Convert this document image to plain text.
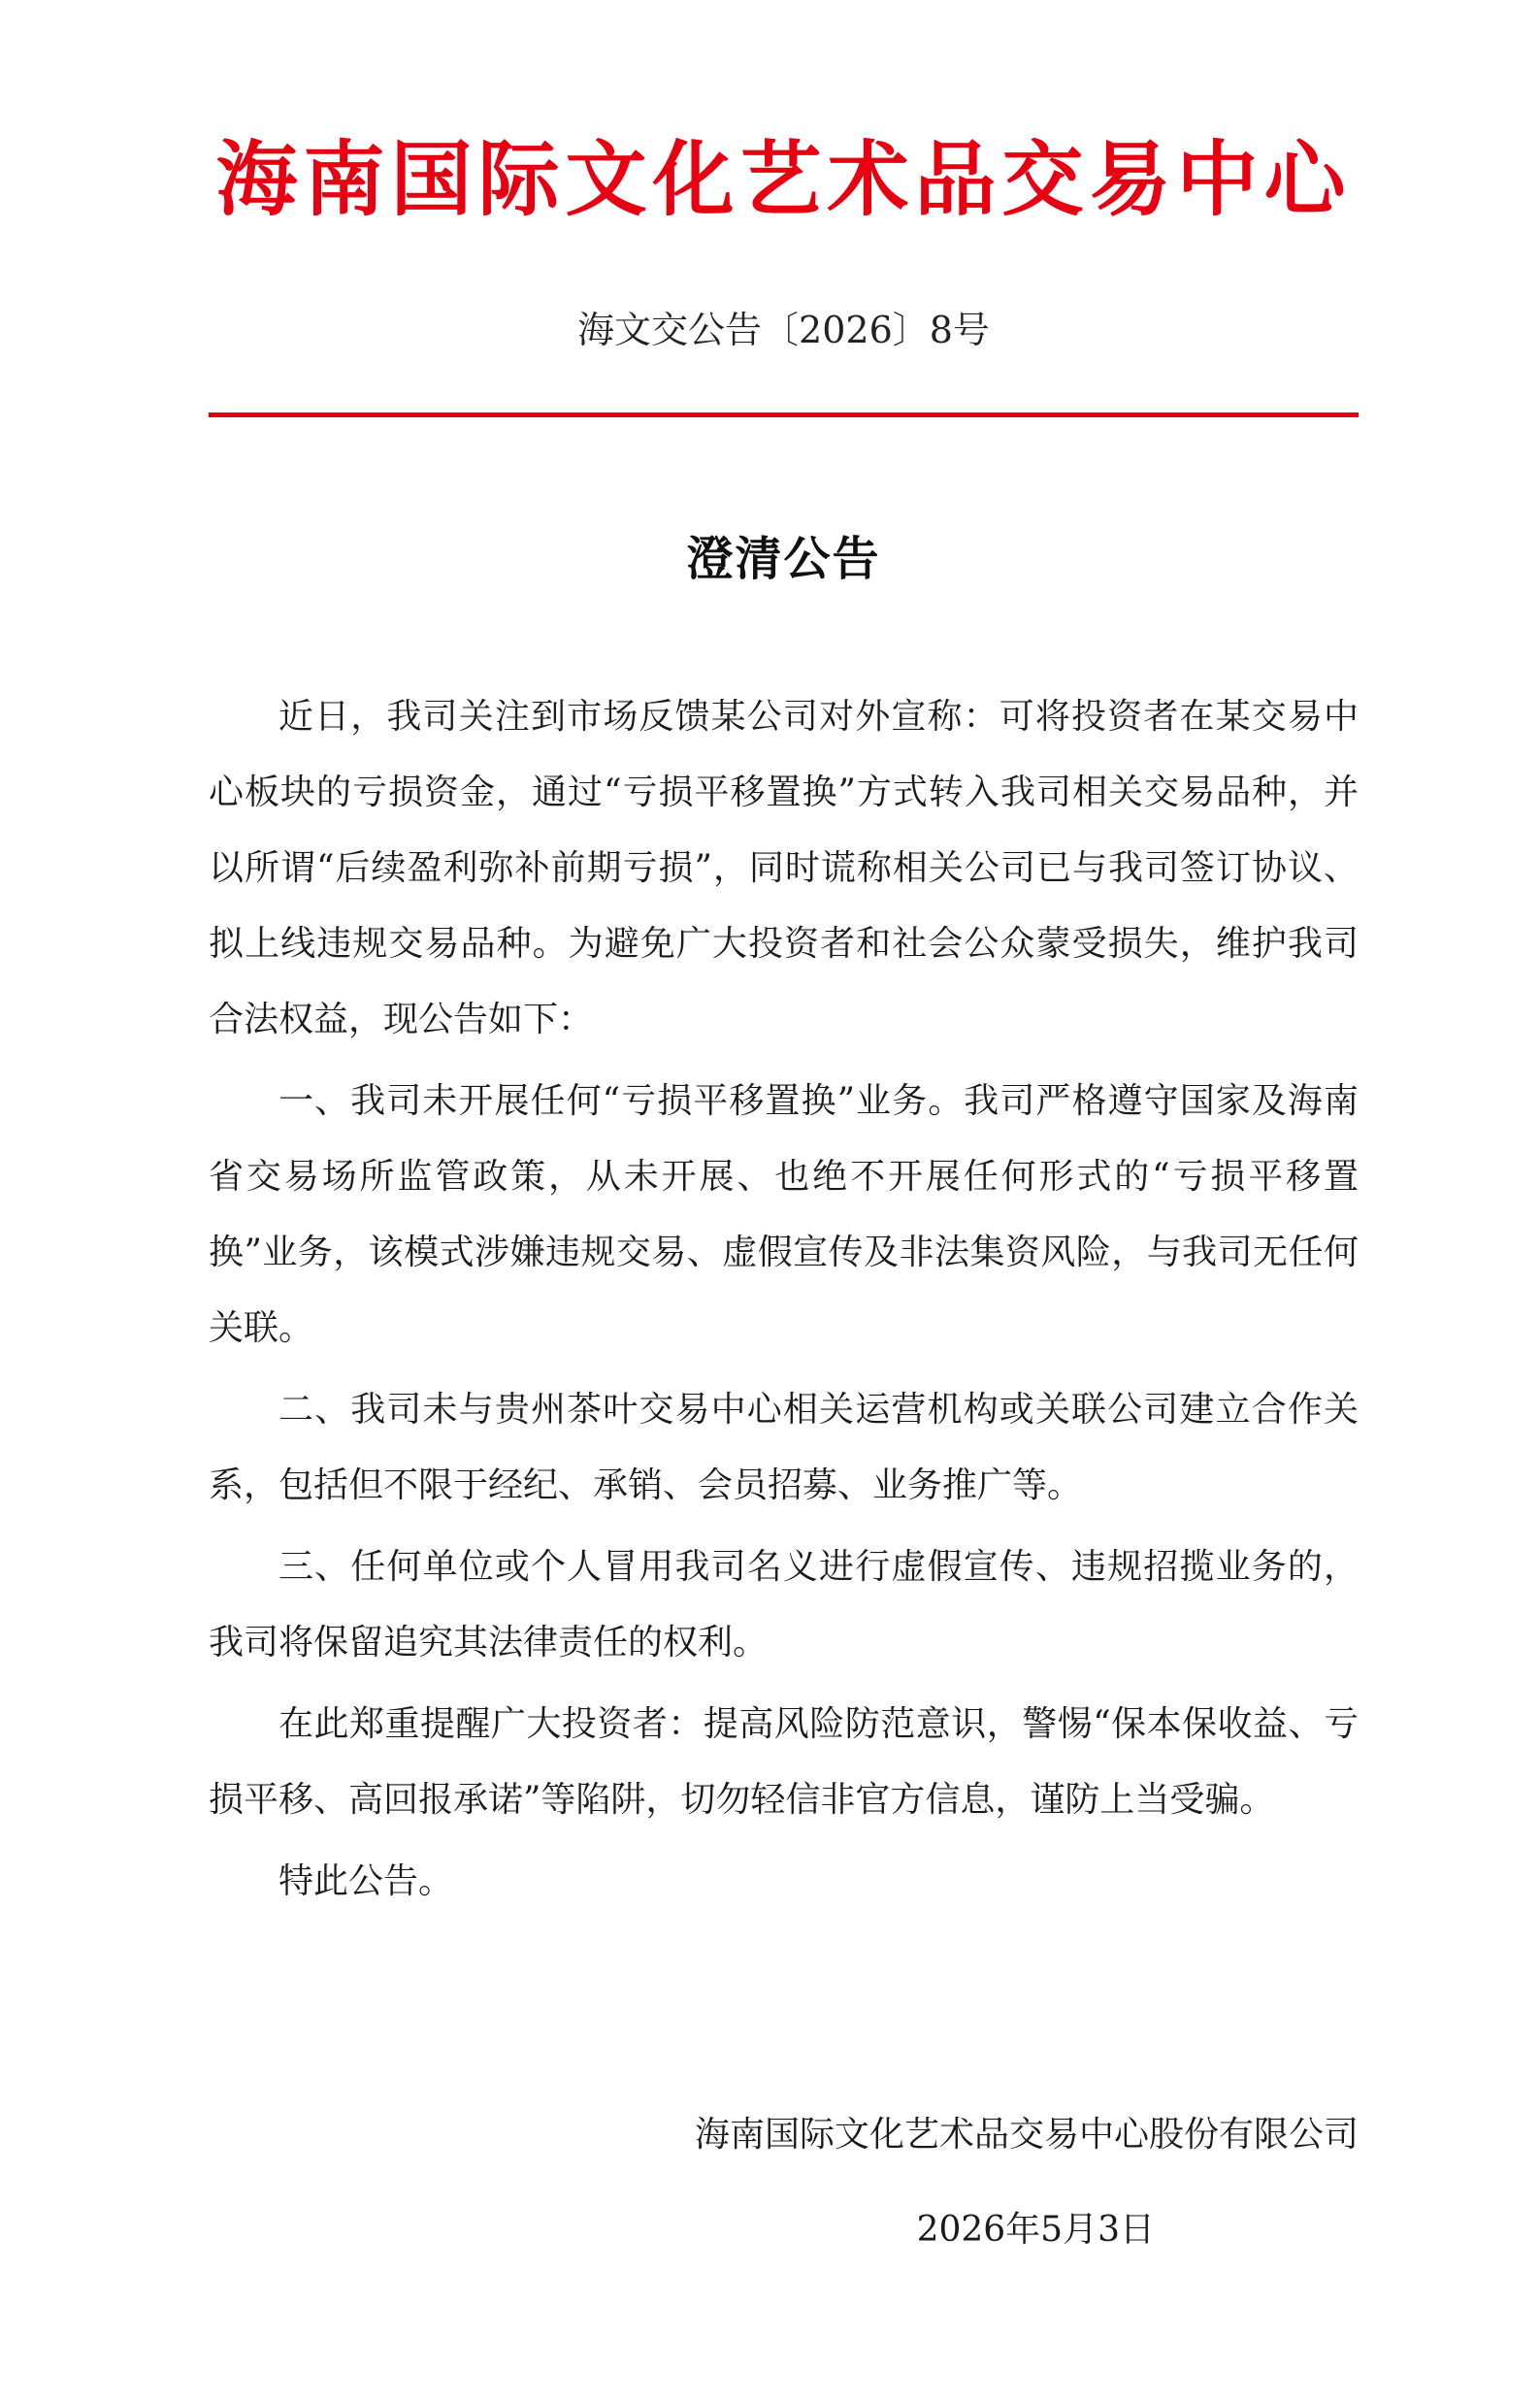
海南国际文化艺术品交易中心
海文交公告〔2026〕8号
澄清公告

近日，我司关注到市场反馈某公司对外宣称：可将投资者在某交易中心板块的亏损资金，通过“亏损平移置换”方式转入我司相关交易品种，并以所谓“后续盈利弥补前期亏损”，同时谎称相关公司已与我司签订协议、拟上线违规交易品种。为避免广大投资者和社会公众蒙受损失，维护我司合法权益，现公告如下：

一、我司未开展任何“亏损平移置换”业务。我司严格遵守国家及海南省交易场所监管政策，从未开展、也绝不开展任何形式的“亏损平移置换”业务，该模式涉嫌违规交易、虚假宣传及非法集资风险，与我司无任何关联。

二、我司未与贵州茶叶交易中心相关运营机构或关联公司建立合作关系，包括但不限于经纪、承销、会员招募、业务推广等。

三、任何单位或个人冒用我司名义进行虚假宣传、违规招揽业务的，我司将保留追究其法律责任的权利。

在此郑重提醒广大投资者：提高风险防范意识，警惕“保本保收益、亏损平移、高回报承诺”等陷阱，切勿轻信非官方信息，谨防上当受骗。

特此公告。

海南国际文化艺术品交易中心股份有限公司
2026年5月3日
